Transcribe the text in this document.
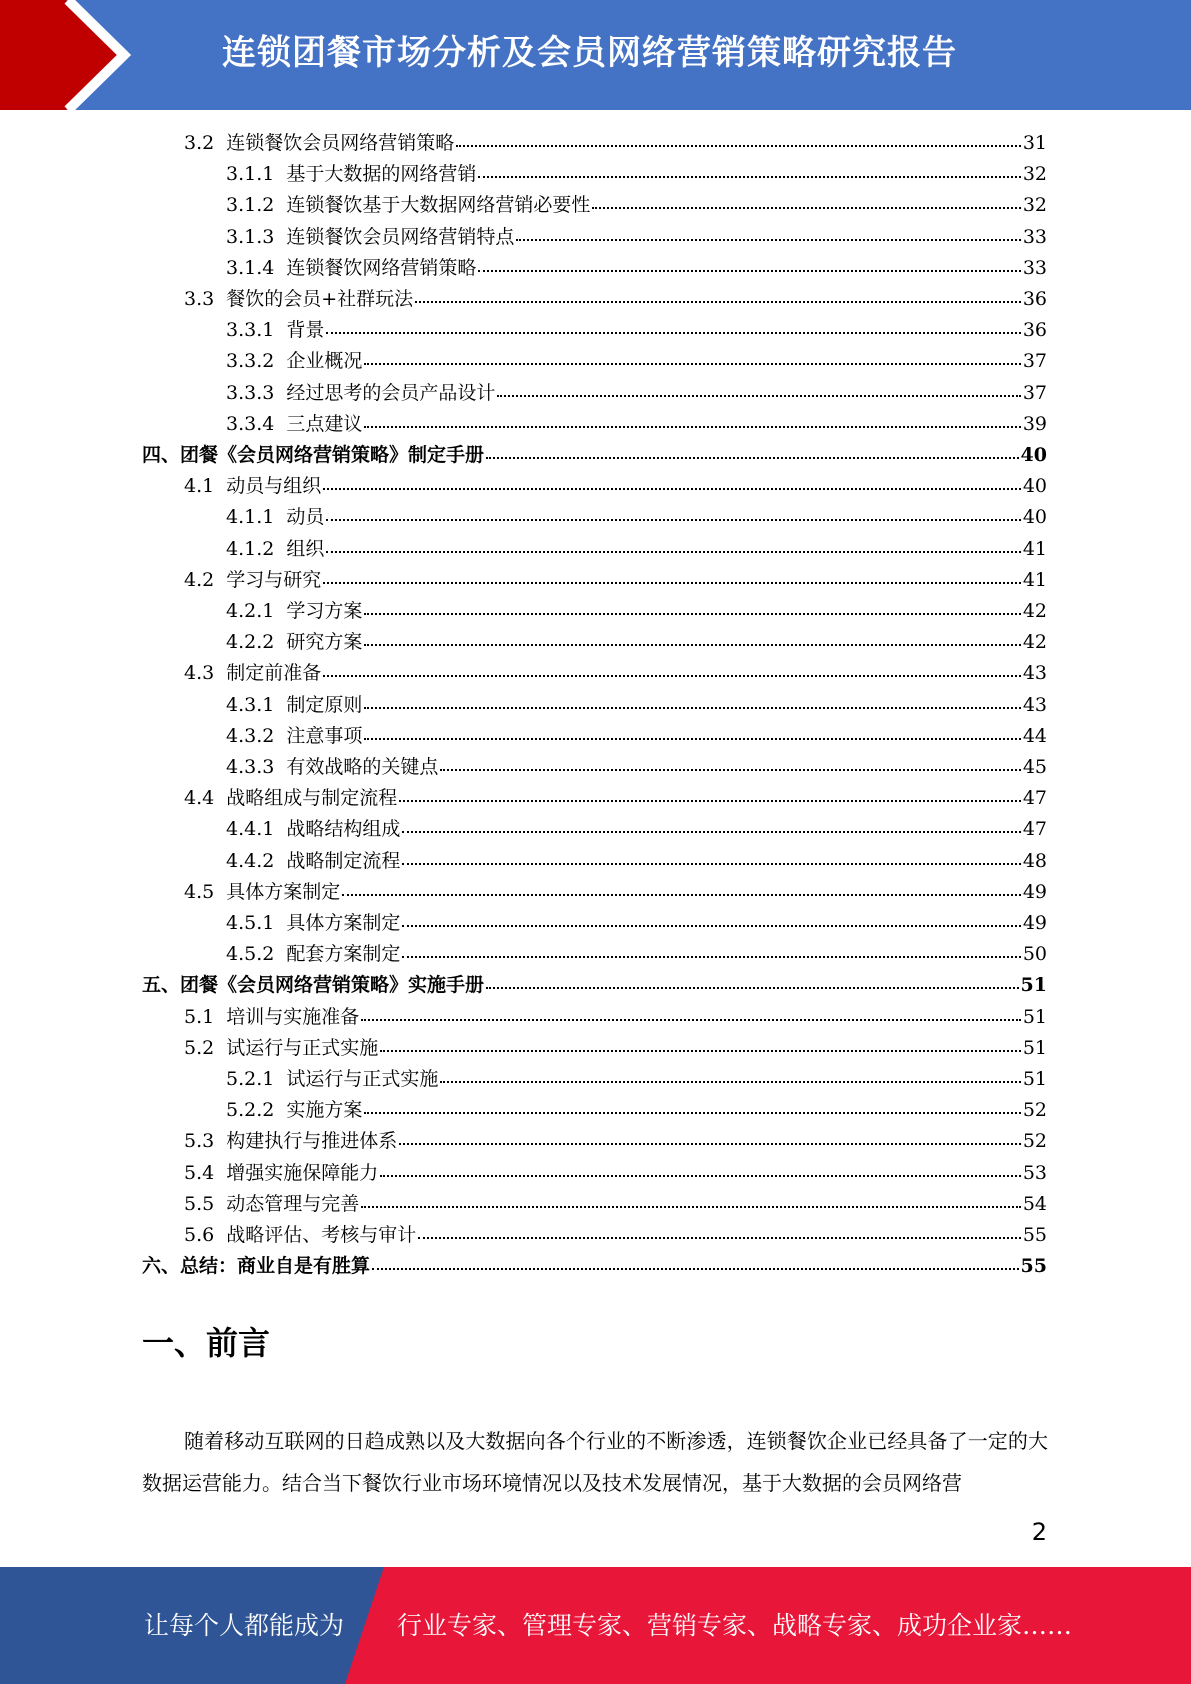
连锁团餐市场分析及会员网络营销策略研究报告
3.2 连锁餐饮会员网络营销策略	31
3.1.1 基于大数据的网络营销	32
3.1.2 连锁餐饮基于大数据网络营销必要性	32
3.1.3 连锁餐饮会员网络营销特点	33
3.1.4 连锁餐饮网络营销策略	33
3.3 餐饮的会员+社群玩法	36
3.3.1 背景	36
3.3.2 企业概况	37
3.3.3 经过思考的会员产品设计	37
3.3.4 三点建议	39
四、团餐《会员网络营销策略》制定手册	40
4.1 动员与组织	40
4.1.1 动员	40
4.1.2 组织	41
4.2 学习与研究	41
4.2.1 学习方案	42
4.2.2 研究方案	42
4.3 制定前准备	43
4.3.1 制定原则	43
4.3.2 注意事项	44
4.3.3 有效战略的关键点	45
4.4 战略组成与制定流程	47
4.4.1 战略结构组成	47
4.4.2 战略制定流程	48
4.5 具体方案制定	49
4.5.1 具体方案制定	49
4.5.2 配套方案制定	50
五、团餐《会员网络营销策略》实施手册	51
5.1 培训与实施准备	51
5.2 试运行与正式实施	51
5.2.1 试运行与正式实施	51
5.2.2 实施方案	52
5.3 构建执行与推进体系	52
5.4 增强实施保障能力	53
5.5 动态管理与完善	54
5.6 战略评估、考核与审计	55
六、总结：商业自是有胜算	55
一、前言
随着移动互联网的日趋成熟以及大数据向各个行业的不断渗透，连锁餐饮企业已经具备了一定的大数据运营能力。结合当下餐饮行业市场环境情况以及技术发展情况，基于大数据的会员网络营
2
让每个人都能成为 行业专家、管理专家、营销专家、战略专家、成功企业家……
